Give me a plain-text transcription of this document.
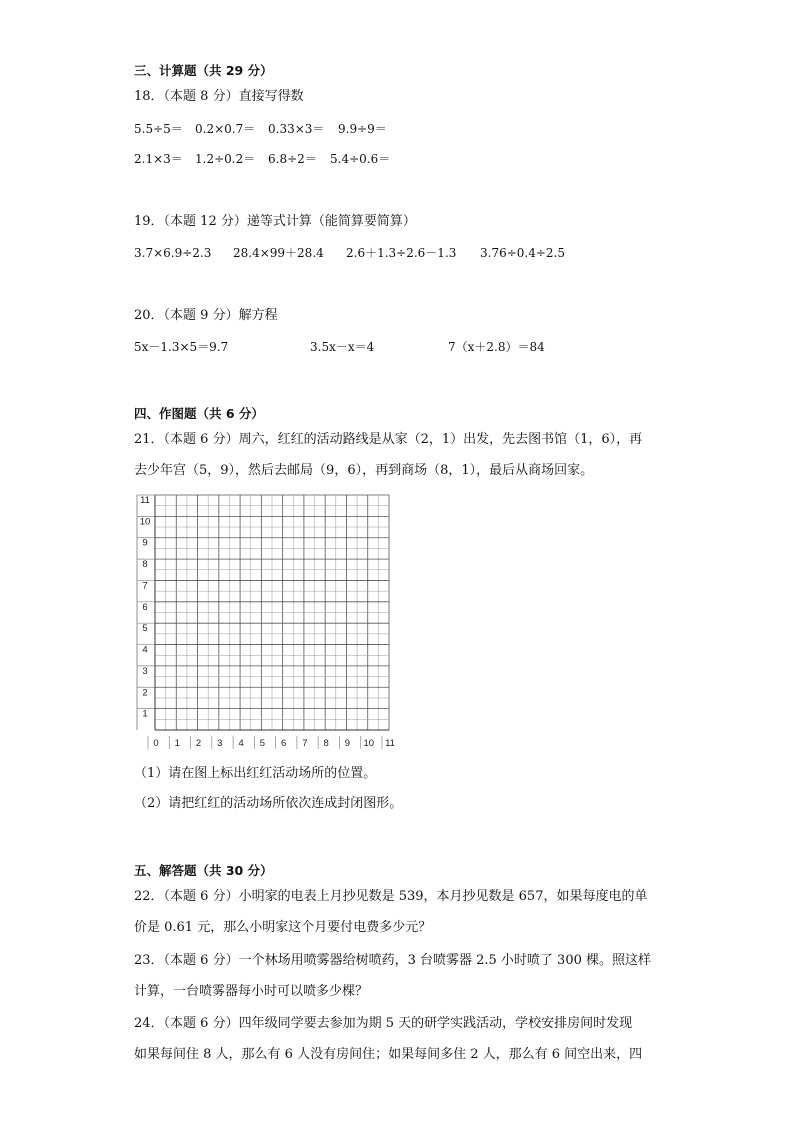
三、计算题（共 29 分）
18．（本题 8 分）直接写得数
5.5÷5＝ 0.2×0.7＝ 0.33×3＝ 9.9÷9＝
2.1×3＝ 1.2÷0.2＝ 6.8÷2＝ 5.4÷0.6＝
19．（本题 12 分）递等式计算（能简算要简算）
3.7×6.9÷2.3 28.4×99＋28.4 2.6＋1.3÷2.6－1.3 3.76÷0.4÷2.5
20．（本题 9 分）解方程
5x－1.3×5＝9.7	3.5x－x＝4	7（x＋2.8）＝84
四、作图题（共 6 分）
21．（本题 6 分）周六，红红的活动路线是从家（2，1）出发，先去图书馆（1，6），再
去少年宫（5，9），然后去邮局（9，6），再到商场（8，1），最后从商场回家。
0 1 2 3 4 5 6 7 8 9 10 11
1
2
3
4
5
6
7
8
9
10
11
（1）请在图上标出红红活动场所的位置。
（2）请把红红的活动场所依次连成封闭图形。
五、解答题（共 30 分）
22．（本题 6 分）小明家的电表上月抄见数是 539，本月抄见数是 657，如果每度电的单
价是 0.61 元，那么小明家这个月要付电费多少元？
23．（本题 6 分）一个林场用喷雾器给树喷药，3 台喷雾器 2.5 小时喷了 300 棵。照这样
计算，一台喷雾器每小时可以喷多少棵？
24．（本题 6 分）四年级同学要去参加为期 5 天的研学实践活动，学校安排房间时发现
如果每间住 8 人，那么有 6 人没有房间住；如果每间多住 2 人，那么有 6 间空出来，四
